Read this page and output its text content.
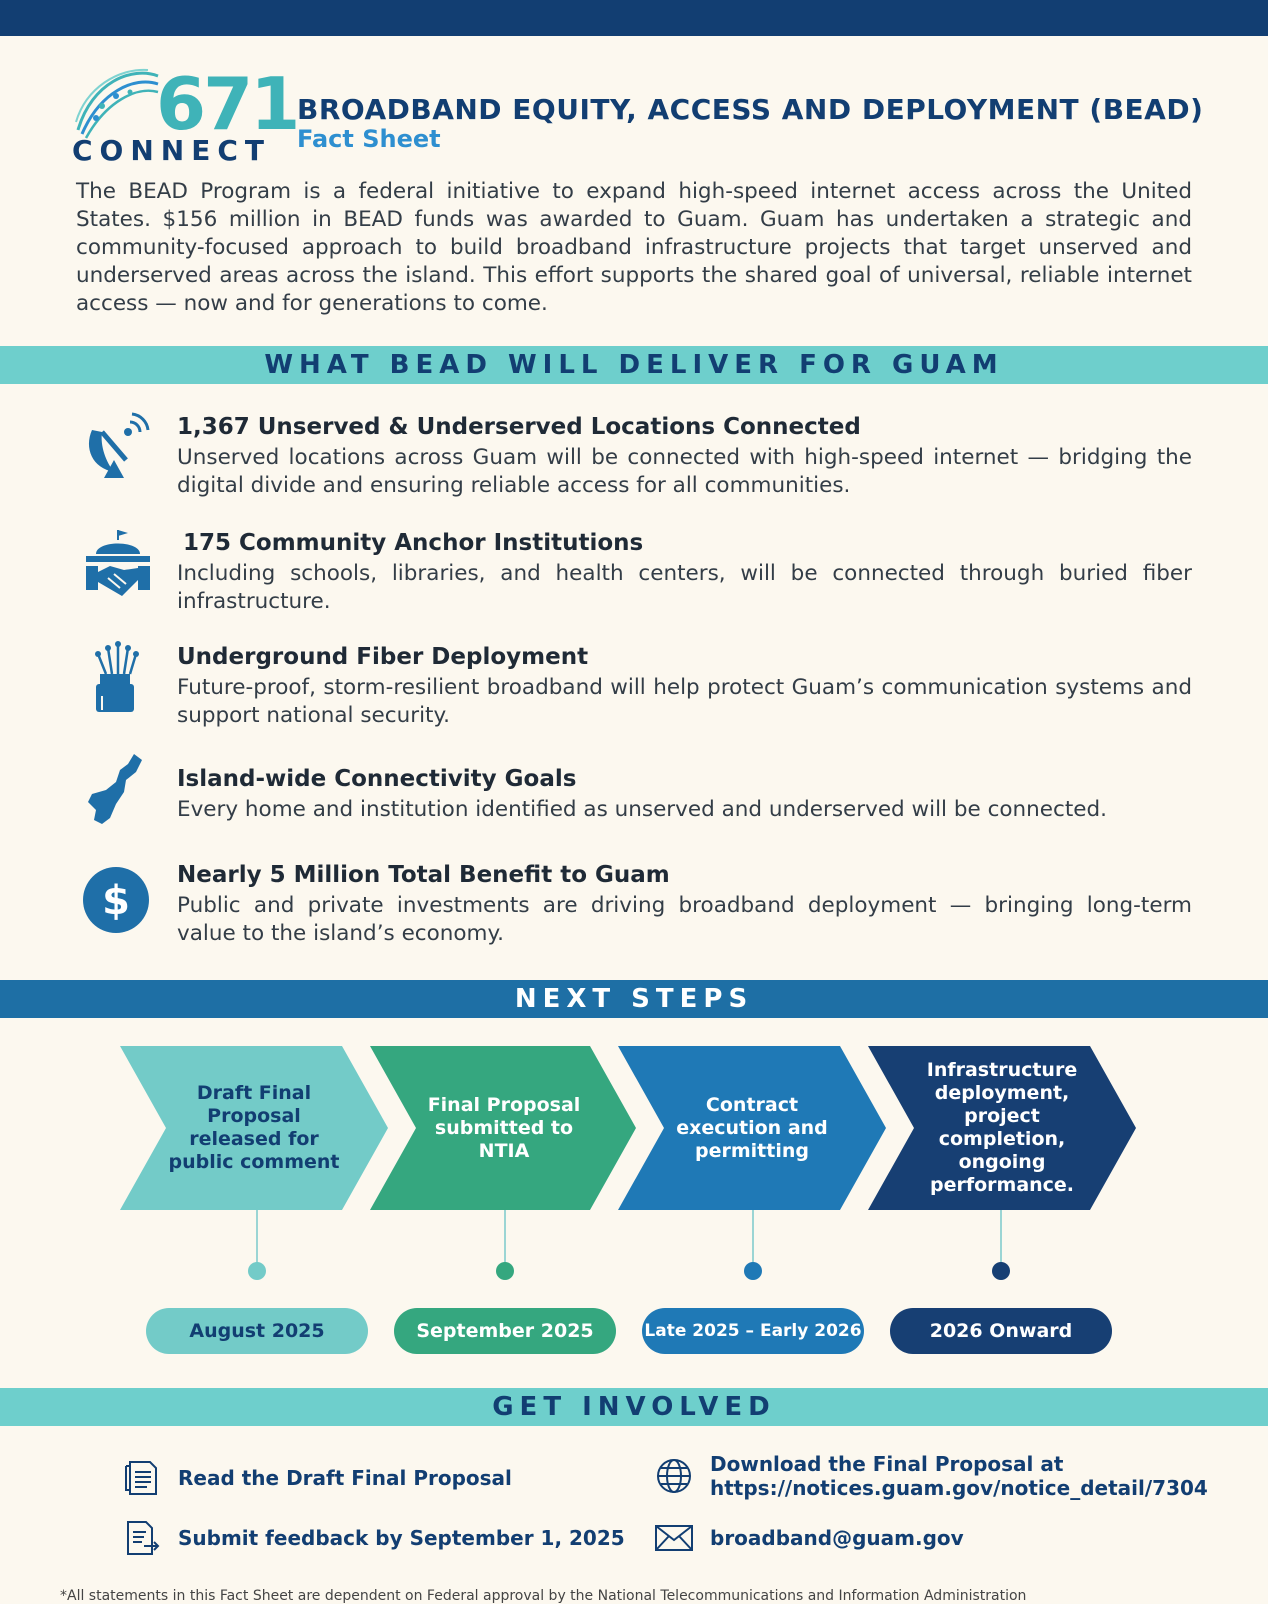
671
CONNECT
BROADBAND EQUITY, ACCESS AND DEPLOYMENT (BEAD)
Fact Sheet
The BEAD Program is a federal initiative to expand high-speed internet access across the United States. $156 million in BEAD funds was awarded to Guam. Guam has undertaken a strategic and community-focused approach to build broadband infrastructure projects that target unserved and underserved areas across the island. This effort supports the shared goal of universal, reliable internet access — now and for generations to come.
WHAT BEAD WILL DELIVER FOR GUAM
1,367 Unserved & Underserved Locations Connected

Unserved locations across Guam will be connected with high-speed internet — bridging the digital divide and ensuring reliable access for all communities.

175 Community Anchor Institutions

Including schools, libraries, and health centers, will be connected through buried fiber infrastructure.

Underground Fiber Deployment

Future-proof, storm-resilient broadband will help protect Guam’s communication systems and support national security.

Island-wide Connectivity Goals

Every home and institution identified as unserved and underserved will be connected.

$
Nearly 5 Million Total Benefit to Guam

Public and private investments are driving broadband deployment — bringing long-term value to the island’s economy.

NEXT STEPS
Draft Final Proposal released for public comment
Final Proposal submitted to NTIA
Contract execution and permitting
Infrastructure deployment, project completion, ongoing performance.
August 2025	September 2025	Late 2025 – Early 2026	2026 Onward
GET INVOLVED
Read the Draft Final Proposal
Submit feedback by September 1, 2025
Download the Final Proposal at
https://notices.guam.gov/notice_detail/7304
broadband@guam.gov
*All statements in this Fact Sheet are dependent on Federal approval by the National Telecommunications and Information Administration
